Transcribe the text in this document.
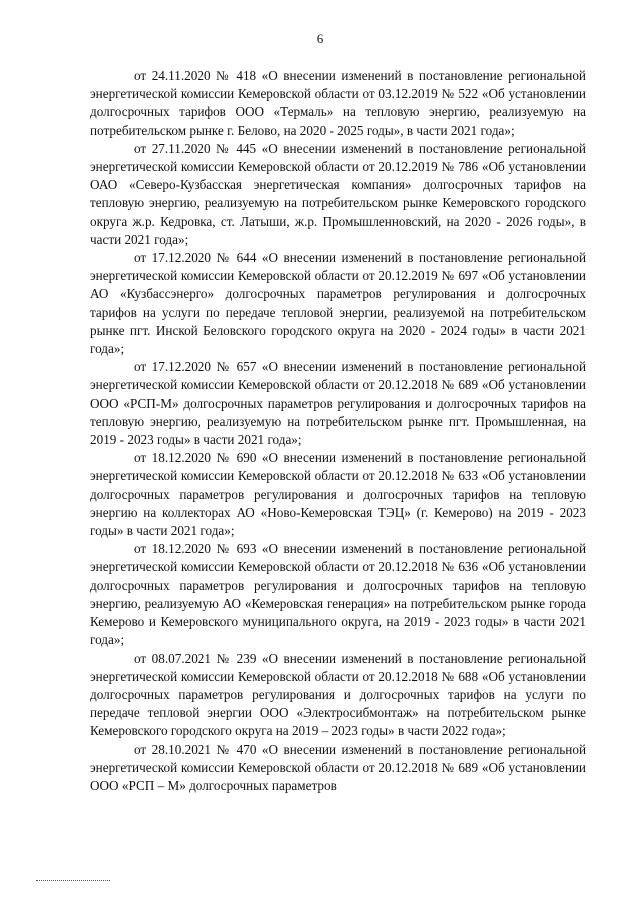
6

от 24.11.2020 № 418 «О внесении изменений в постановление региональной энергетической комиссии Кемеровской области от 03.12.2019 № 522 «Об установлении долгосрочных тарифов ООО «Термаль» на тепловую энергию, реализуемую на потребительском рынке г. Белово, на 2020 - 2025 годы», в части 2021 года»;

от 27.11.2020 № 445 «О внесении изменений в постановление региональной энергетической комиссии Кемеровской области от 20.12.2019 № 786 «Об установлении ОАО «Северо-Кузбасская энергетическая компания» долгосрочных тарифов на тепловую энергию, реализуемую на потребительском рынке Кемеровского городского округа ж.р. Кедровка, ст. Латыши, ж.р. Промышленновский, на 2020 - 2026 годы», в части 2021 года»;

от 17.12.2020 № 644 «О внесении изменений в постановление региональной энергетической комиссии Кемеровской области от 20.12.2019 № 697 «Об установлении АО «Кузбассэнерго» долгосрочных параметров регулирования и долгосрочных тарифов на услуги по передаче тепловой энергии, реализуемой на потребительском рынке пгт. Инской Беловского городского округа на 2020 - 2024 годы» в части 2021 года»;

от 17.12.2020 № 657 «О внесении изменений в постановление региональной энергетической комиссии Кемеровской области от 20.12.2018 № 689 «Об установлении ООО «РСП-М» долгосрочных параметров регулирования и долгосрочных тарифов на тепловую энергию, реализуемую на потребительском рынке пгт. Промышленная, на 2019 - 2023 годы» в части 2021 года»;

от 18.12.2020 № 690 «О внесении изменений в постановление региональной энергетической комиссии Кемеровской области от 20.12.2018 № 633 «Об установлении долгосрочных параметров регулирования и долгосрочных тарифов на тепловую энергию на коллекторах АО «Ново-Кемеровская ТЭЦ» (г. Кемерово) на 2019 - 2023 годы» в части 2021 года»;

от 18.12.2020 № 693 «О внесении изменений в постановление региональной энергетической комиссии Кемеровской области от 20.12.2018 № 636 «Об установлении долгосрочных параметров регулирования и долгосрочных тарифов на тепловую энергию, реализуемую АО «Кемеровская генерация» на потребительском рынке города Кемерово и Кемеровского муниципального округа, на 2019 - 2023 годы» в части 2021 года»;

от 08.07.2021 № 239 «О внесении изменений в постановление региональной энергетической комиссии Кемеровской области от 20.12.2018 № 688 «Об установлении долгосрочных параметров регулирования и долгосрочных тарифов на услуги по передаче тепловой энергии ООО «Электросибмонтаж» на потребительском рынке Кемеровского городского округа на 2019 – 2023 годы» в части 2022 года»;

от 28.10.2021 № 470 «О внесении изменений в постановление региональной энергетической комиссии Кемеровской области от 20.12.2018 № 689 «Об установлении ООО «РСП – М» долгосрочных параметров
